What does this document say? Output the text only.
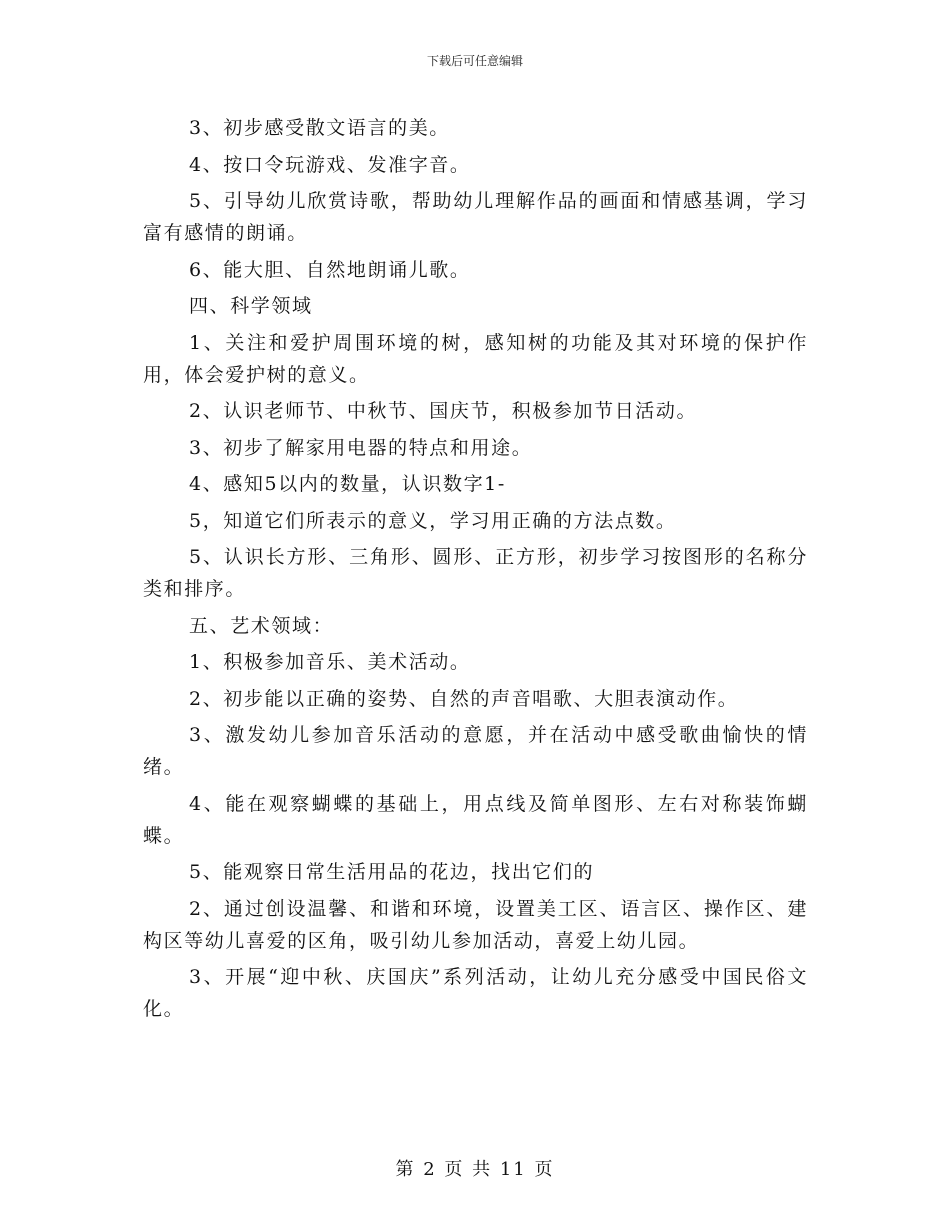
下载后可任意编辑

3、初步感受散文语言的美。

4、按口令玩游戏、发准字音。

5、引导幼儿欣赏诗歌，帮助幼儿理解作品的画面和情感基调，学习富有感情的朗诵。

6、能大胆、自然地朗诵儿歌。

四、科学领域

1、关注和爱护周围环境的树，感知树的功能及其对环境的保护作用，体会爱护树的意义。

2、认识老师节、中秋节、国庆节，积极参加节日活动。

3、初步了解家用电器的特点和用途。

4、感知5以内的数量，认识数字1-

5，知道它们所表示的意义，学习用正确的方法点数。

5、认识长方形、三角形、圆形、正方形，初步学习按图形的名称分类和排序。

五、艺术领域：

1、积极参加音乐、美术活动。

2、初步能以正确的姿势、自然的声音唱歌、大胆表演动作。

3、激发幼儿参加音乐活动的意愿，并在活动中感受歌曲愉快的情绪。

4、能在观察蝴蝶的基础上，用点线及简单图形、左右对称装饰蝴蝶。

5、能观察日常生活用品的花边，找出它们的

2、通过创设温馨、和谐和环境，设置美工区、语言区、操作区、建构区等幼儿喜爱的区角，吸引幼儿参加活动，喜爱上幼儿园。

3、开展“迎中秋、庆国庆”系列活动，让幼儿充分感受中国民俗文化。

第 2 页 共 11 页
